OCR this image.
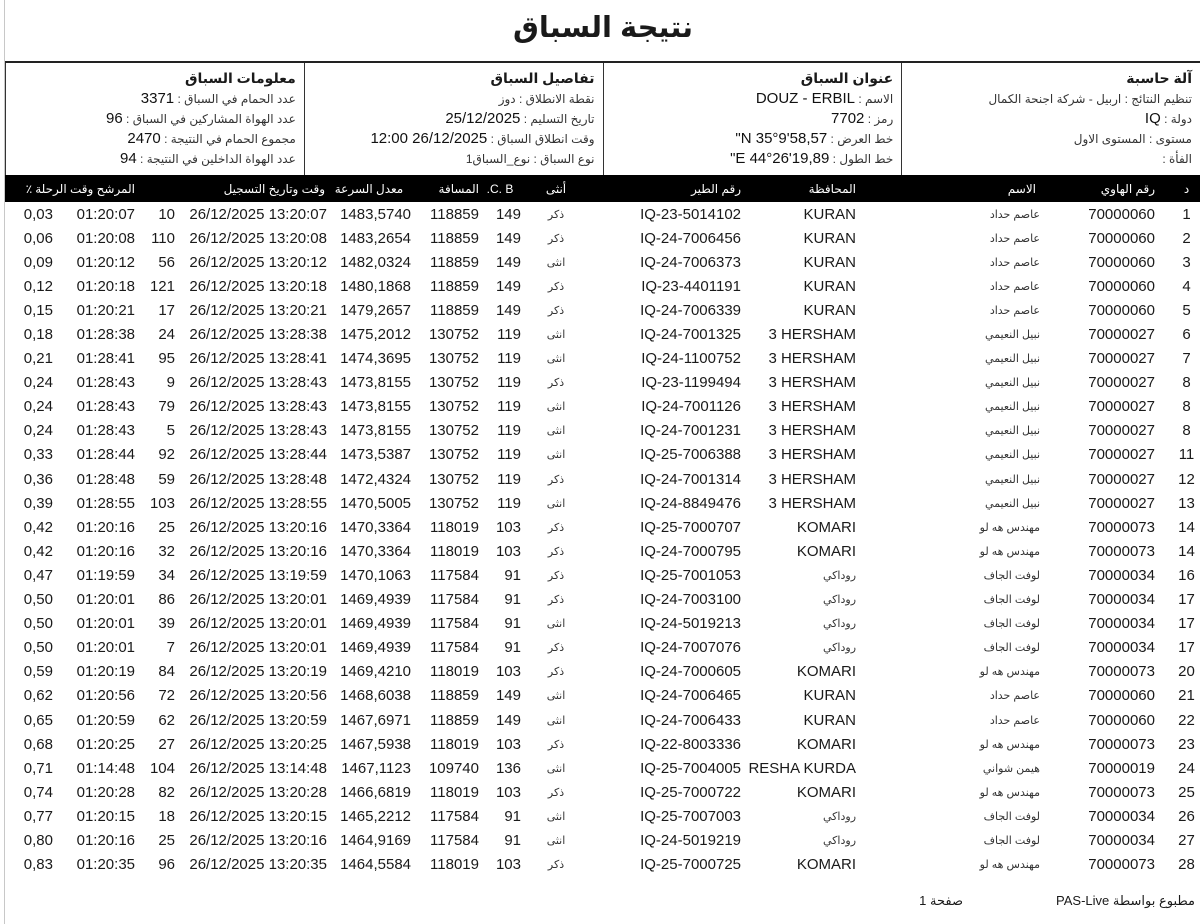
نتيجة السباق
آلة حاسبة
تنظيم النتائج : اربيل - شركة اجنحة الكمال
دولة : IQ
مستوى : المستوى الاول
الفأة :
عنوان السباق
الاسم : DOUZ - ERBIL
رمز : 7702
خط العرض : N 35°9'58,57"
خط الطول : E 44°26'19,89"
تفاصيل السباق
نقطة الانطلاق : دوز
تاريخ التسليم : 25/12/2025
وقت انطلاق السباق : 26/12/2025 12:00
نوع السباق : نوع_السباق1
معلومات السباق
عدد الحمام في السباق : 3371
عدد الهواة المشاركين في السباق : 96
مجموع الحمام في النتيجة : 2470
عدد الهواة الداخلين في النتيجة : 94
٪	المرشح وقت الرحلة		وقت وتاريخ التسجيل	معدل السرعة	المسافة	C. B.	أنثى	رقم الطير	المحافظة	الاسم	رقم الهاوي	د
0,03	01:20:07	10	26/12/2025 13:20:07	1483,5740	118859	149	ذكر	IQ-23-5014102	KURAN	عاصم حداد	70000060	1
0,06	01:20:08	110	26/12/2025 13:20:08	1483,2654	118859	149	ذكر	IQ-24-7006456	KURAN	عاصم حداد	70000060	2
0,09	01:20:12	56	26/12/2025 13:20:12	1482,0324	118859	149	انثى	IQ-24-7006373	KURAN	عاصم حداد	70000060	3
0,12	01:20:18	121	26/12/2025 13:20:18	1480,1868	118859	149	ذكر	IQ-23-4401191	KURAN	عاصم حداد	70000060	4
0,15	01:20:21	17	26/12/2025 13:20:21	1479,2657	118859	149	ذكر	IQ-24-7006339	KURAN	عاصم حداد	70000060	5
0,18	01:28:38	24	26/12/2025 13:28:38	1475,2012	130752	119	انثى	IQ-24-7001325	3 HERSHAM	نبيل النعيمي	70000027	6
0,21	01:28:41	95	26/12/2025 13:28:41	1474,3695	130752	119	انثى	IQ-24-1100752	3 HERSHAM	نبيل النعيمي	70000027	7
0,24	01:28:43	9	26/12/2025 13:28:43	1473,8155	130752	119	ذكر	IQ-23-1199494	3 HERSHAM	نبيل النعيمي	70000027	8
0,24	01:28:43	79	26/12/2025 13:28:43	1473,8155	130752	119	انثى	IQ-24-7001126	3 HERSHAM	نبيل النعيمي	70000027	8
0,24	01:28:43	5	26/12/2025 13:28:43	1473,8155	130752	119	انثى	IQ-24-7001231	3 HERSHAM	نبيل النعيمي	70000027	8
0,33	01:28:44	92	26/12/2025 13:28:44	1473,5387	130752	119	انثى	IQ-25-7006388	3 HERSHAM	نبيل النعيمي	70000027	11
0,36	01:28:48	59	26/12/2025 13:28:48	1472,4324	130752	119	ذكر	IQ-24-7001314	3 HERSHAM	نبيل النعيمي	70000027	12
0,39	01:28:55	103	26/12/2025 13:28:55	1470,5005	130752	119	انثى	IQ-24-8849476	3 HERSHAM	نبيل النعيمي	70000027	13
0,42	01:20:16	25	26/12/2025 13:20:16	1470,3364	118019	103	ذكر	IQ-25-7000707	KOMARI	مهندس هه لو	70000073	14
0,42	01:20:16	32	26/12/2025 13:20:16	1470,3364	118019	103	ذكر	IQ-24-7000795	KOMARI	مهندس هه لو	70000073	14
0,47	01:19:59	34	26/12/2025 13:19:59	1470,1063	117584	91	ذكر	IQ-25-7001053	روداكي	لوفت الجاف	70000034	16
0,50	01:20:01	86	26/12/2025 13:20:01	1469,4939	117584	91	ذكر	IQ-24-7003100	روداكي	لوفت الجاف	70000034	17
0,50	01:20:01	39	26/12/2025 13:20:01	1469,4939	117584	91	انثى	IQ-24-5019213	روداكي	لوفت الجاف	70000034	17
0,50	01:20:01	7	26/12/2025 13:20:01	1469,4939	117584	91	ذكر	IQ-24-7007076	روداكي	لوفت الجاف	70000034	17
0,59	01:20:19	84	26/12/2025 13:20:19	1469,4210	118019	103	ذكر	IQ-24-7000605	KOMARI	مهندس هه لو	70000073	20
0,62	01:20:56	72	26/12/2025 13:20:56	1468,6038	118859	149	انثى	IQ-24-7006465	KURAN	عاصم حداد	70000060	21
0,65	01:20:59	62	26/12/2025 13:20:59	1467,6971	118859	149	انثى	IQ-24-7006433	KURAN	عاصم حداد	70000060	22
0,68	01:20:25	27	26/12/2025 13:20:25	1467,5938	118019	103	ذكر	IQ-22-8003336	KOMARI	مهندس هه لو	70000073	23
0,71	01:14:48	104	26/12/2025 13:14:48	1467,1123	109740	136	انثى	IQ-25-7004005	RESHA KURDA	هيمن شواني	70000019	24
0,74	01:20:28	82	26/12/2025 13:20:28	1466,6819	118019	103	ذكر	IQ-25-7000722	KOMARI	مهندس هه لو	70000073	25
0,77	01:20:15	18	26/12/2025 13:20:15	1465,2212	117584	91	انثى	IQ-25-7007003	روداكي	لوفت الجاف	70000034	26
0,80	01:20:16	25	26/12/2025 13:20:16	1464,9169	117584	91	انثى	IQ-24-5019219	روداكي	لوفت الجاف	70000034	27
0,83	01:20:35	96	26/12/2025 13:20:35	1464,5584	118019	103	ذكر	IQ-25-7000725	KOMARI	مهندس هه لو	70000073	28
مطبوع بواسطة PAS-Live
صفحة 1
